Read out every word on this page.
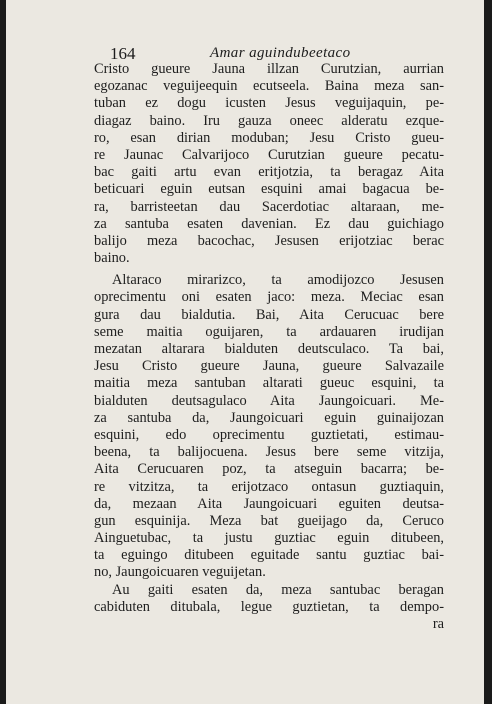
164	Amar aguindubeetaco
Cristo gueure Jauna illzan Curutzian, aurrian
egozanac veguijeequin ecutseela. Baina meza san-
tuban ez dogu icusten Jesus veguijaquin, pe-
diagaz baino. Iru gauza oneec alderatu ezque-
ro, esan dirian moduban; Jesu Cristo gueu-
re Jaunac Calvarijoco Curutzian gueure pecatu-
bac gaiti artu evan eritjotzia, ta beragaz Aita
beticuari eguin eutsan esquini amai bagacua be-
ra, barristeetan dau Sacerdotiac altaraan, me-
za santuba esaten davenian. Ez dau guichiago
balijo meza bacochac, Jesusen erijotziac berac
baino.
Altaraco mirarizco, ta amodijozco Jesusen
oprecimentu oni esaten jaco: meza. Meciac esan
gura dau bialdutia. Bai, Aita Cerucuac bere
seme maitia oguijaren, ta ardauaren irudijan
mezatan altarara bialduten deutsculaco. Ta bai,
Jesu Cristo gueure Jauna, gueure Salvazaile
maitia meza santuban altarati gueuc esquini, ta
bialduten deutsagulaco Aita Jaungoicuari. Me-
za santuba da, Jaungoicuari eguin guinaijozan
esquini, edo oprecimentu guztietati, estimau-
beena, ta balijocuena. Jesus bere seme vitzija,
Aita Cerucuaren poz, ta atseguin bacarra; be-
re vitzitza, ta erijotzaco ontasun guztiaquin,
da, mezaan Aita Jaungoicuari eguiten deutsa-
gun esquinija. Meza bat gueijago da, Ceruco
Ainguetubac, ta justu guztiac eguin ditubeen,
ta eguingo ditubeen eguitade santu guztiac bai-
no, Jaungoicuaren veguijetan.
Au gaiti esaten da, meza santubac beragan
cabiduten ditubala, legue guztietan, ta dempo-
ra
